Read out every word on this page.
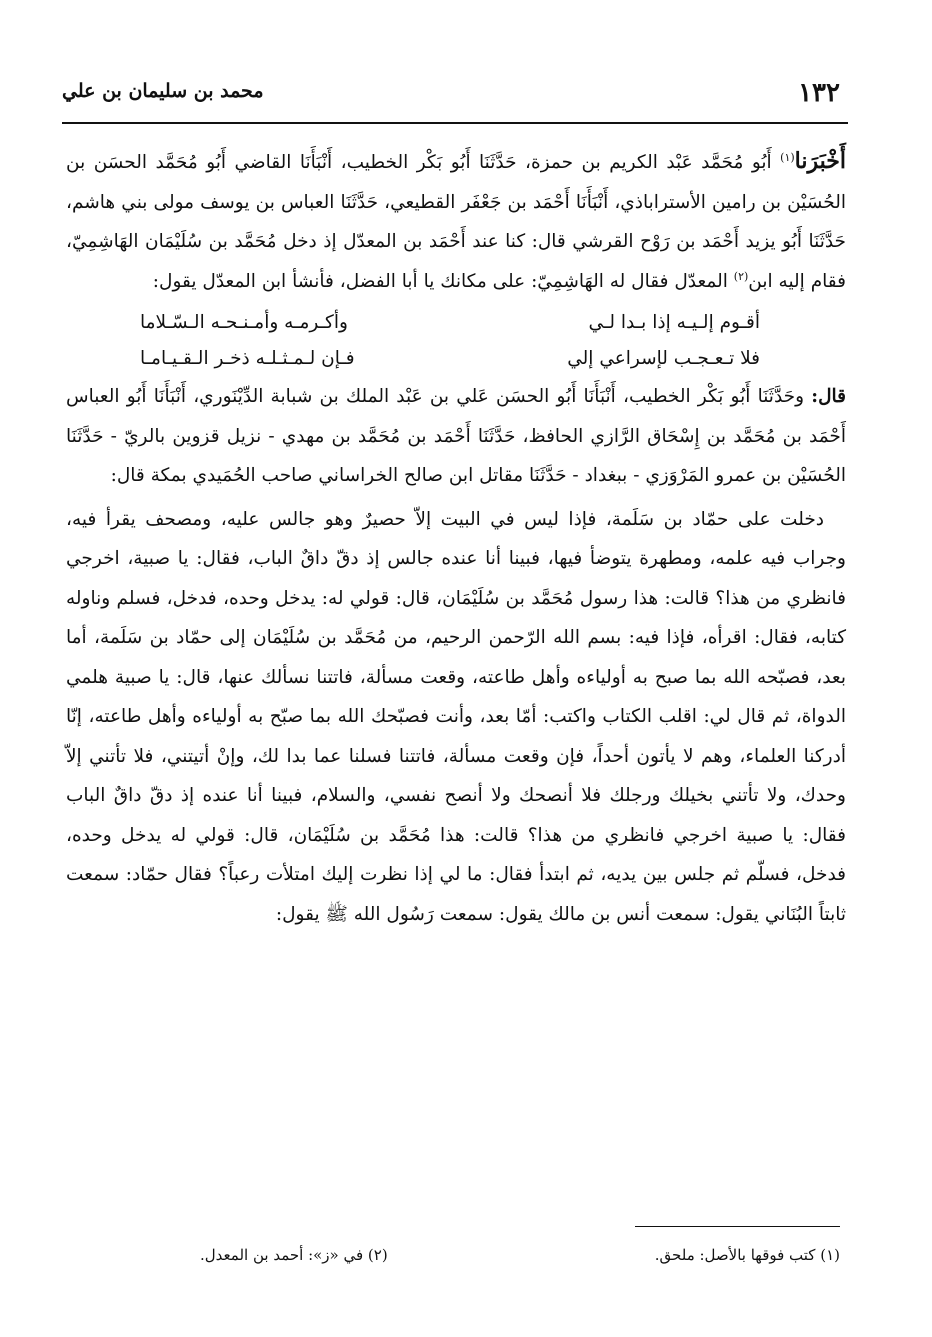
١٣٢
محمد بن سليمان بن علي

أَخْبَرَنا$^{(١)}$ أَبُو مُحَمَّد عَبْد الكريم بن حمزة، حَدَّثَنَا أَبُو بَكْر الخطيب، أَنْبَأَنَا القاضي أَبُو مُحَمَّد الحسَن بن الحُسَيْن بن رامين الأستراباذي، أَنْبَأَنَا أَحْمَد بن جَعْفَر القطيعي، حَدَّثَنَا العباس بن يوسف مولى بني هاشم، حَدَّثَنَا أَبُو يزيد أَحْمَد بن رَوْح القرشي قال: كنا عند أَحْمَد بن المعدّل إذ دخل مُحَمَّد بن سُلَيْمَان الهَاشِمِيّ، فقام إليه ابن$^{(٢)}$ المعدّل فقال له الهَاشِمِيّ: على مكانك يا أبا الفضل، فأنشأ ابن المعدّل يقول:

أقـوم إلـيـه إذا بـدا لـي
وأكـرمـه وأمـنـحـه الـسّـلاما
فلا تـعـجـب لإسراعي إلي
فـإن لـمـثـلـه ذخـر الـقـيـامـا

قال: وحَدَّثَنَا أَبُو بَكْر الخطيب، أَنْبَأَنَا أَبُو الحسَن عَلي بن عَبْد الملك بن شبابة الدِّيْنَوري، أَنْبَأَنَا أَبُو العباس أَحْمَد بن مُحَمَّد بن إِسْحَاق الرَّازي الحافظ، حَدَّثَنَا أَحْمَد بن مُحَمَّد بن مهدي - نزيل قزوين بالريّ - حَدَّثَنَا الحُسَيْن بن عمرو المَرْوَزي - ببغداد - حَدَّثَنَا مقاتل ابن صالح الخراساني صاحب الحُمَيدي بمكة قال:

دخلت على حمّاد بن سَلَمة، فإذا ليس في البيت إلاّ حصيرٌ وهو جالس عليه، ومصحف يقرأ فيه، وجراب فيه علمه، ومطهرة يتوضأ فيها، فبينا أنا عنده جالس إذ دقّ داقٌ الباب، فقال: يا صبية، اخرجي فانظري من هذا؟ قالت: هذا رسول مُحَمَّد بن سُلَيْمَان، قال: قولي له: يدخل وحده، فدخل، فسلم وناوله كتابه، فقال: اقرأه، فإذا فيه: بسم الله الرّحمن الرحيم، من مُحَمَّد بن سُلَيْمَان إلى حمّاد بن سَلَمة، أما بعد، فصبّحه الله بما صبح به أولياءه وأهل طاعته، وقعت مسألة، فاتتنا نسألك عنها، قال: يا صبية هلمي الدواة، ثم قال لي: اقلب الكتاب واكتب: أمّا بعد، وأنت فصبّحك الله بما صبّح به أولياءه وأهل طاعته، إنّا أدركنا العلماء، وهم لا يأتون أحداً، فإن وقعت مسألة، فاتتنا فسلنا عما بدا لك، وإنْ أتيتني، فلا تأتني إلاّ وحدك، ولا تأتني بخيلك ورجلك فلا أنصحك ولا أنصح نفسي، والسلام، فبينا أنا عنده إذ دقّ داقٌ الباب فقال: يا صبية اخرجي فانظري من هذا؟ قالت: هذا مُحَمَّد بن سُلَيْمَان، قال: قولي له يدخل وحده، فدخل، فسلّم ثم جلس بين يديه، ثم ابتدأ فقال: ما لي إذا نظرت إليك امتلأت رعباً؟ فقال حمّاد: سمعت ثابتاً البُنَاني يقول: سمعت أنس بن مالك يقول: سمعت رَسُول الله ﷺ يقول:

(١) كتب فوقها بالأصل: ملحق.
(٢) في «ز»: أحمد بن المعدل.
